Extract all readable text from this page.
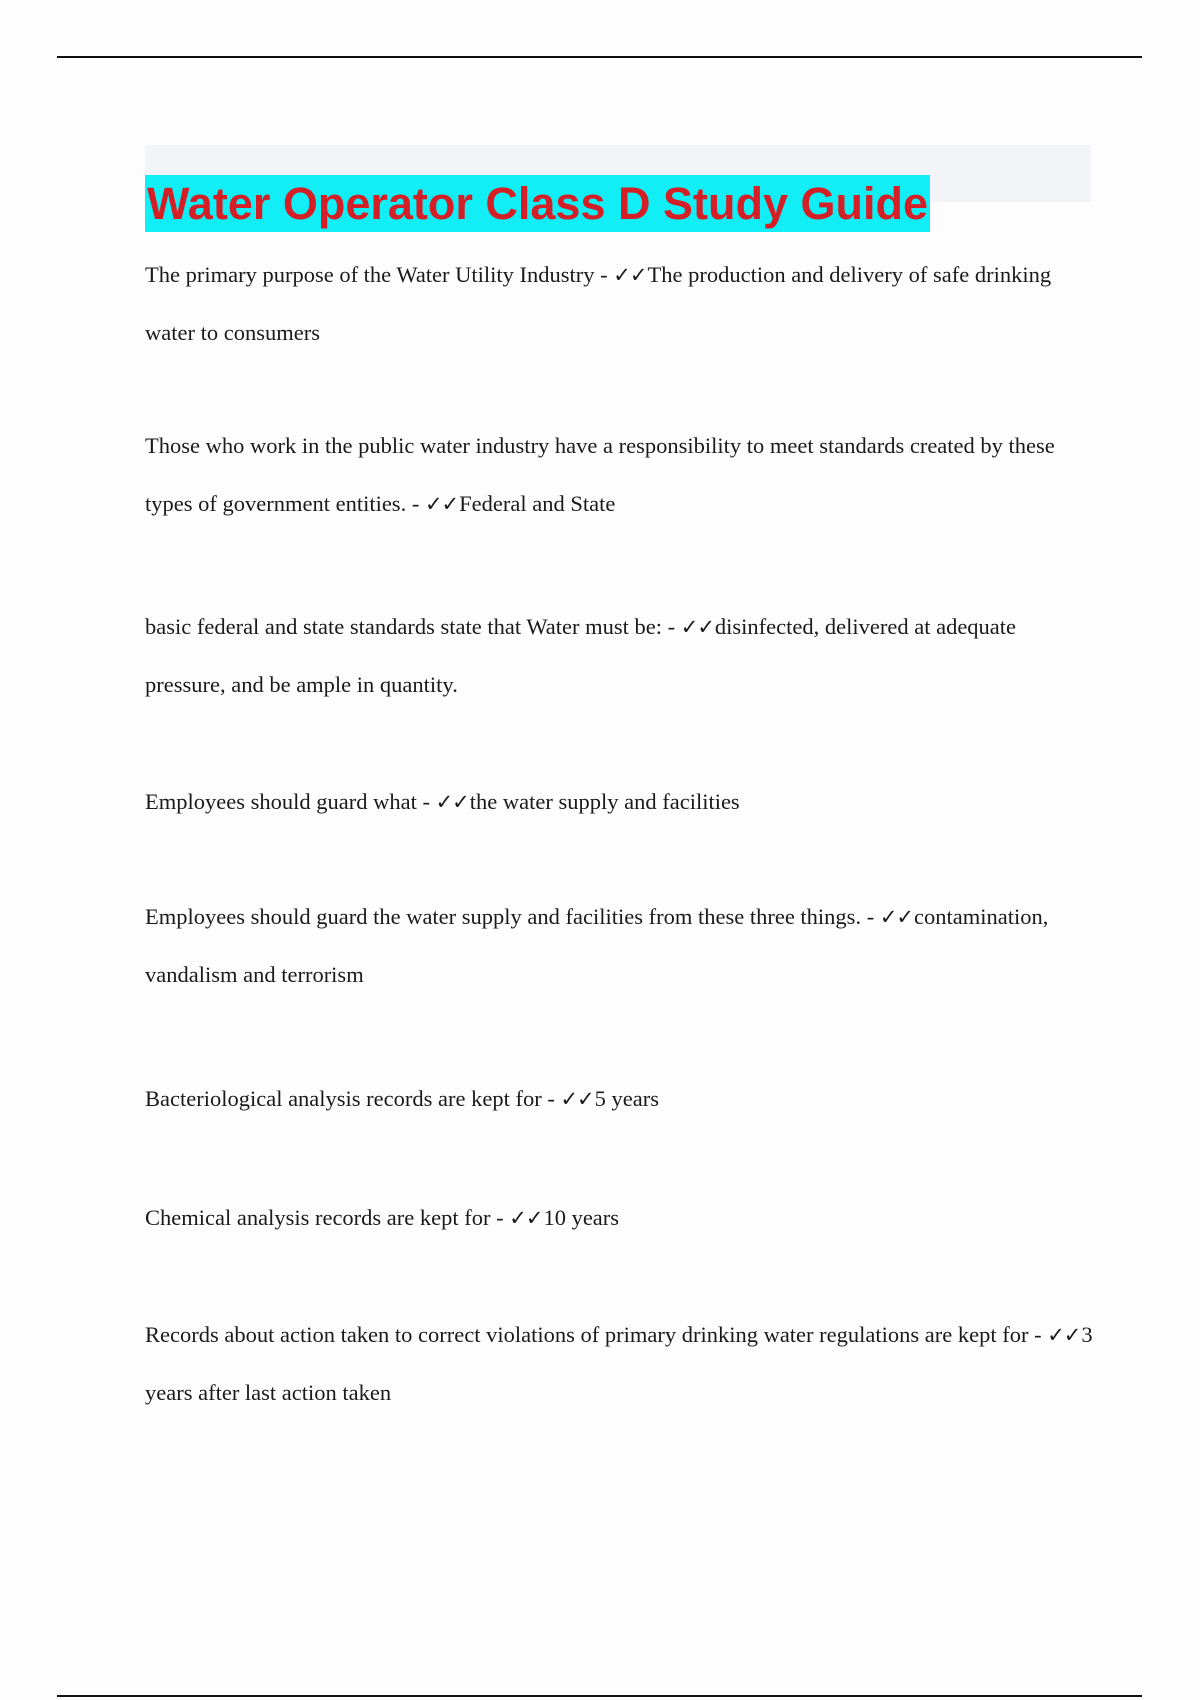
Water Operator Class D Study Guide

The primary purpose of the Water Utility Industry - ✓✓The production and delivery of safe drinking water to consumers

Those who work in the public water industry have a responsibility to meet standards created by these types of government entities. - ✓✓Federal and State

basic federal and state standards state that Water must be: - ✓✓disinfected, delivered at adequate pressure, and be ample in quantity.

Employees should guard what - ✓✓the water supply and facilities

Employees should guard the water supply and facilities from these three things. - ✓✓contamination, vandalism and terrorism

Bacteriological analysis records are kept for - ✓✓5 years

Chemical analysis records are kept for - ✓✓10 years

Records about action taken to correct violations of primary drinking water regulations are kept for - ✓✓3 years after last action taken
